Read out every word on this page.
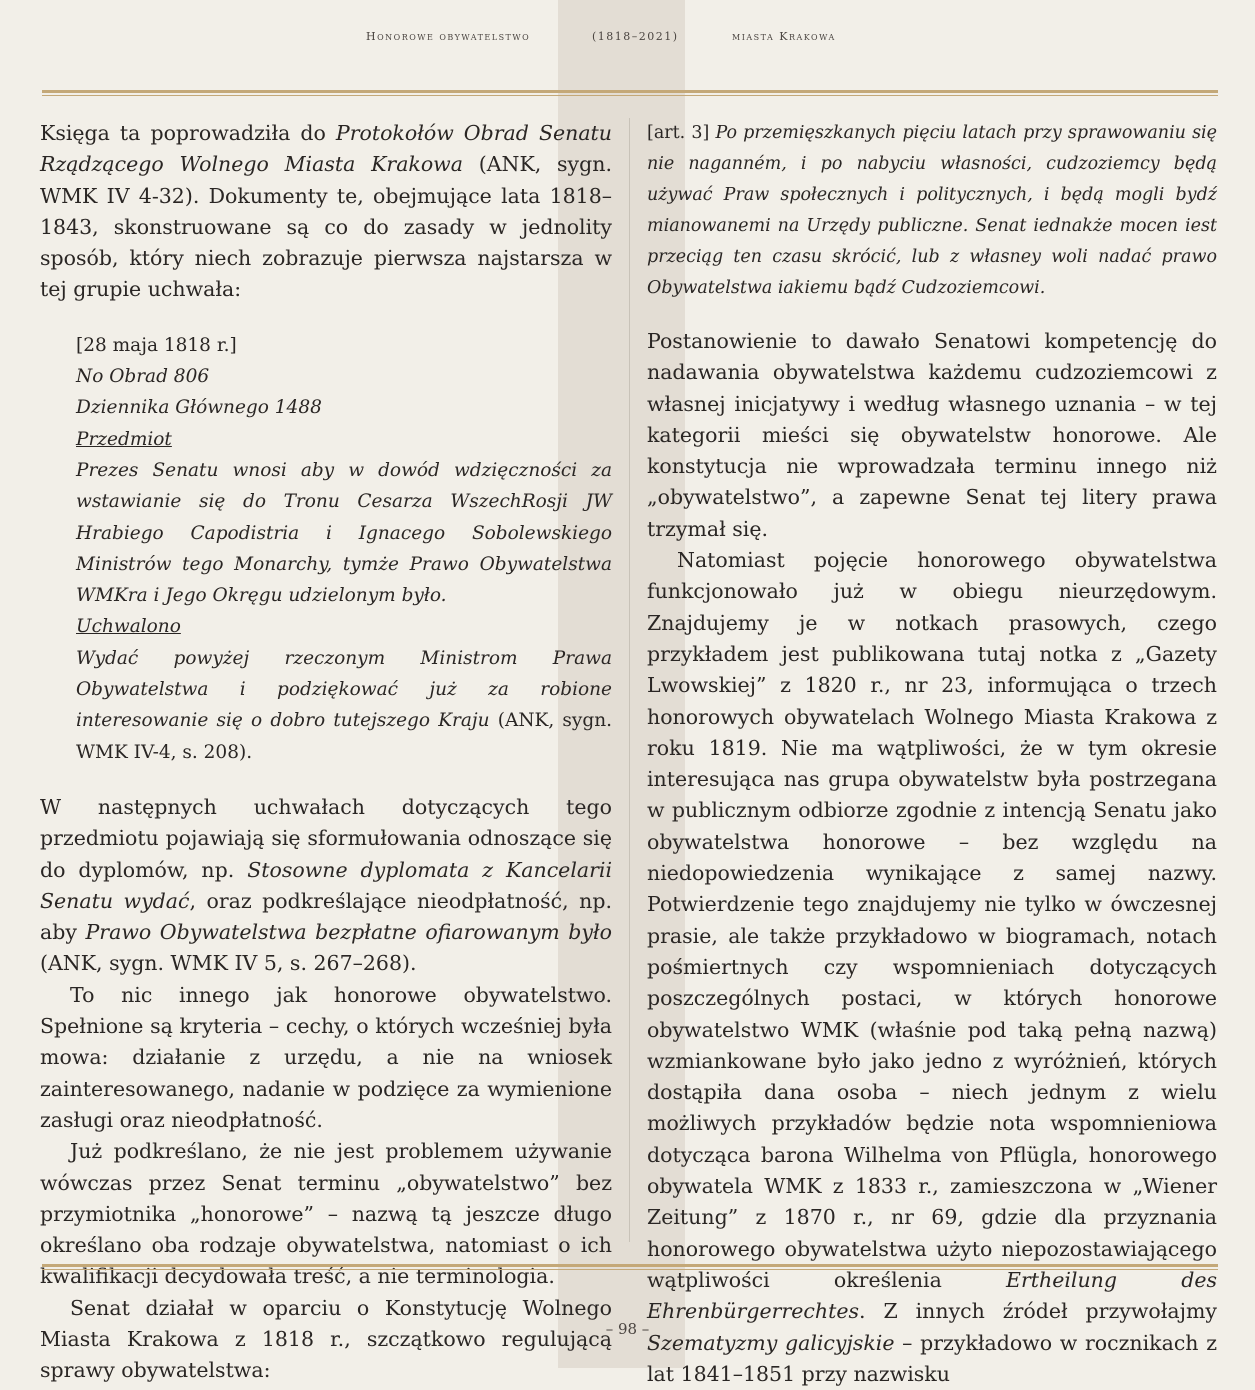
Honorowe obywatelstwo	(1818–2021)	miasta Krakowa

Księga ta poprowadziła do Protokołów Obrad Senatu Rządzącego Wolnego Miasta Krakowa (ANK, sygn. WMK IV 4-32). Dokumenty te, obejmujące lata 1818–1843, skonstruowane są co do zasady w jednolity sposób, który niech zobrazuje pierwsza najstarsza w tej grupie uchwała:

[28 maja 1818 r.]
No Obrad 806
Dziennika Głównego 1488
Przedmiot
Prezes Senatu wnosi aby w dowód wdzięczności za wstawianie się do Tronu Cesarza WszechRosji JW Hrabiego Capodistria i Ignacego Sobolewskiego Ministrów tego Monarchy, tymże Prawo Obywatelstwa WMKra i Jego Okręgu udzielonym było.
Uchwalono
Wydać powyżej rzeczonym Ministrom Prawa Obywatelstwa i podziękować już za robione interesowanie się o dobro tutejszego Kraju (ANK, sygn. WMK IV-4, s. 208).

W następnych uchwałach dotyczących tego przedmiotu pojawiają się sformułowania odnoszące się do dyplomów, np. Stosowne dyplomata z Kancelarii Senatu wydać, oraz podkreślające nieodpłatność, np. aby Prawo Obywatelstwa bezpłatne ofiarowanym było (ANK, sygn. WMK IV 5, s. 267–268).

To nic innego jak honorowe obywatelstwo. Spełnione są kryteria – cechy, o których wcześniej była mowa: działanie z urzędu, a nie na wniosek zainteresowanego, nadanie w podzięce za wymienione zasługi oraz nieodpłatność.

Już podkreślano, że nie jest problemem używanie wówczas przez Senat terminu „obywatelstwo” bez przymiotnika „honorowe” – nazwą tą jeszcze długo określano oba rodzaje obywatelstwa, natomiast o ich kwalifikacji decydowała treść, a nie terminologia.

Senat działał w oparciu o Konstytucję Wolnego Miasta Krakowa z 1818 r., szczątkowo regulującą sprawy obywatelstwa:

[art. 3] Po przemięszkanych pięciu latach przy sprawowaniu się nie naganném, i po nabyciu własności, cudzoziemcy będą używać Praw społecznych i politycznych, i będą mogli bydź mianowanemi na Urzędy publiczne. Senat iednakże mocen iest przeciąg ten czasu skrócić, lub z własney woli nadać prawo Obywatelstwa iakiemu bądź Cudzoziemcowi.

Postanowienie to dawało Senatowi kompetencję do nadawania obywatelstwa każdemu cudzoziemcowi z własnej inicjatywy i według własnego uznania – w tej kategorii mieści się obywatelstw honorowe. Ale konstytucja nie wprowadzała terminu innego niż „obywatelstwo”, a zapewne Senat tej litery prawa trzymał się.

Natomiast pojęcie honorowego obywatelstwa funkcjonowało już w obiegu nieurzędowym. Znajdujemy je w notkach prasowych, czego przykładem jest publikowana tutaj notka z „Gazety Lwowskiej” z 1820 r., nr 23, informująca o trzech honorowych obywatelach Wolnego Miasta Krakowa z roku 1819. Nie ma wątpliwości, że w tym okresie interesująca nas grupa obywatelstw była postrzegana w publicznym odbiorze zgodnie z intencją Senatu jako obywatelstwa honorowe – bez względu na niedopowiedzenia wynikające z samej nazwy. Potwierdzenie tego znajdujemy nie tylko w ówczesnej prasie, ale także przykładowo w biogramach, notach pośmiertnych czy wspomnieniach dotyczących poszczególnych postaci, w których honorowe obywatelstwo WMK (właśnie pod taką pełną nazwą) wzmiankowane było jako jedno z wyróżnień, których dostąpiła dana osoba – niech jednym z wielu możliwych przykładów będzie nota wspomnieniowa dotycząca barona Wilhelma von Pflügla, honorowego obywatela WMK z 1833 r., zamieszczona w „Wiener Zeitung” z 1870 r., nr 69, gdzie dla przyznania honorowego obywatelstwa użyto niepozostawiającego wątpliwości określenia Ertheilung des Ehrenbürgerrechtes. Z innych źródeł przywołajmy Szematyzmy galicyjskie – przykładowo w rocznikach z lat 1841–1851 przy nazwisku

– 98 –
